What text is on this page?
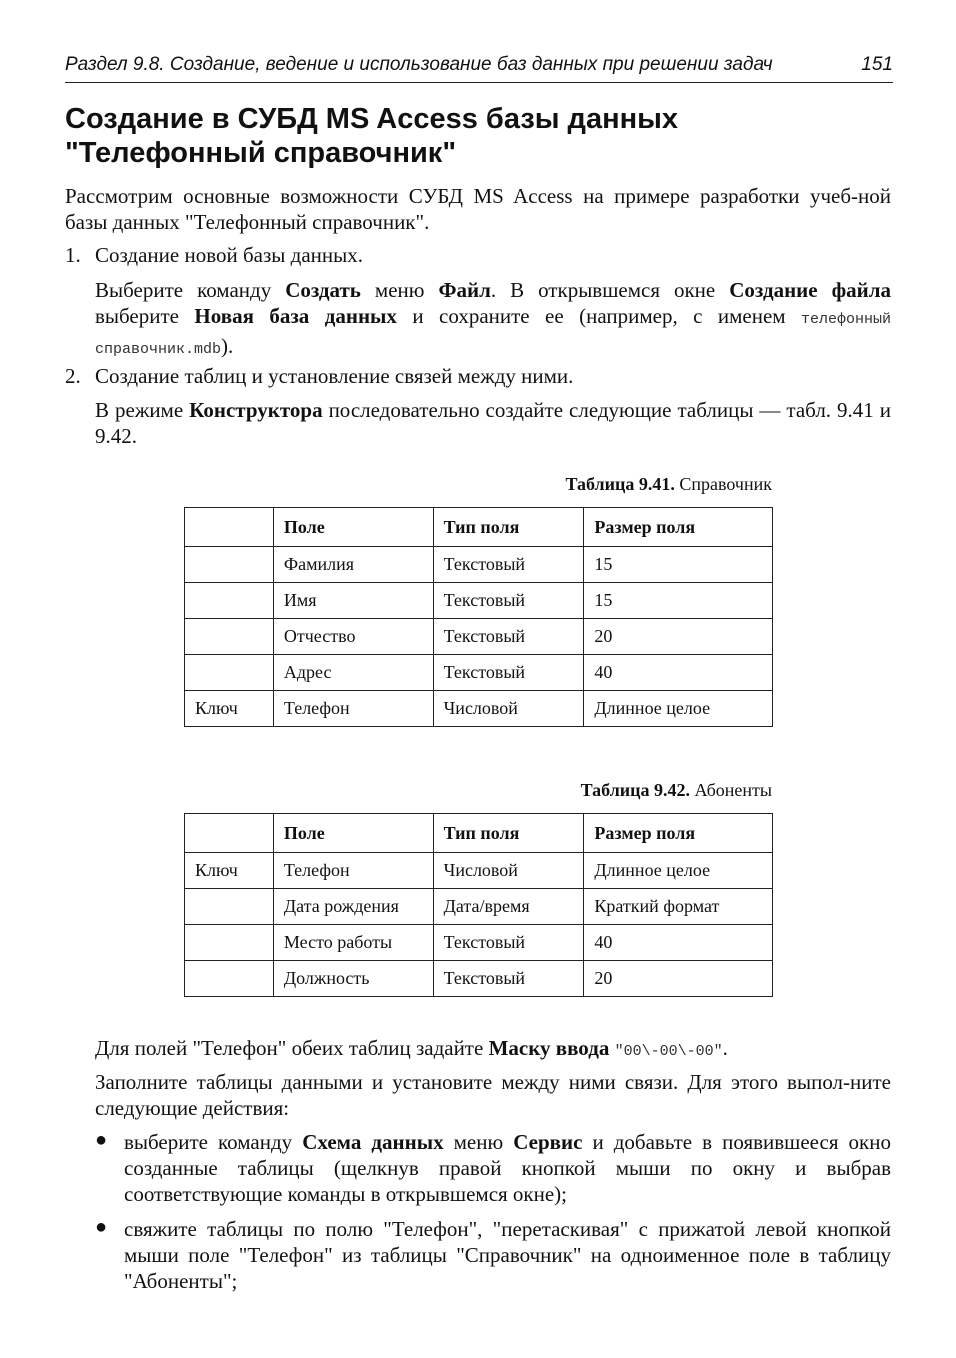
Раздел 9.8. Создание, ведение и использование баз данных при решении задач	151
Создание в СУБД MS Access базы данных
"Телефонный справочник"

Рассмотрим основные возможности СУБД MS Access на примере разработки учеб-ной базы данных "Телефонный справочник".

1. Создание новой базы данных.

Выберите команду Создать меню Файл. В открывшемся окне Создание файла выберите Новая база данных и сохраните ее (например, с именем телефонный справочник.mdb).

2. Создание таблиц и установление связей между ними.

В режиме Конструктора последовательно создайте следующие таблицы — табл. 9.41 и 9.42.

Таблица 9.41. Справочник
	Поле	Тип поля	Размер поля
	Фамилия	Текстовый	15
	Имя	Текстовый	15
	Отчество	Текстовый	20
	Адрес	Текстовый	40
Ключ	Телефон	Числовой	Длинное целое
Таблица 9.42. Абоненты
	Поле	Тип поля	Размер поля
Ключ	Телефон	Числовой	Длинное целое
	Дата рождения	Дата/время	Краткий формат
	Место работы	Текстовый	40
	Должность	Текстовый	20

Для полей "Телефон" обеих таблиц задайте Маску ввода "00\-00\-00".

Заполните таблицы данными и установите между ними связи. Для этого выпол-ните следующие действия:

● выберите команду Схема данных меню Сервис и добавьте в появившееся окно созданные таблицы (щелкнув правой кнопкой мыши по окну и выбрав соответствующие команды в открывшемся окне);

● свяжите таблицы по полю "Телефон", "перетаскивая" с прижатой левой кнопкой мыши поле "Телефон" из таблицы "Справочник" на одноименное поле в таблицу "Абоненты";
